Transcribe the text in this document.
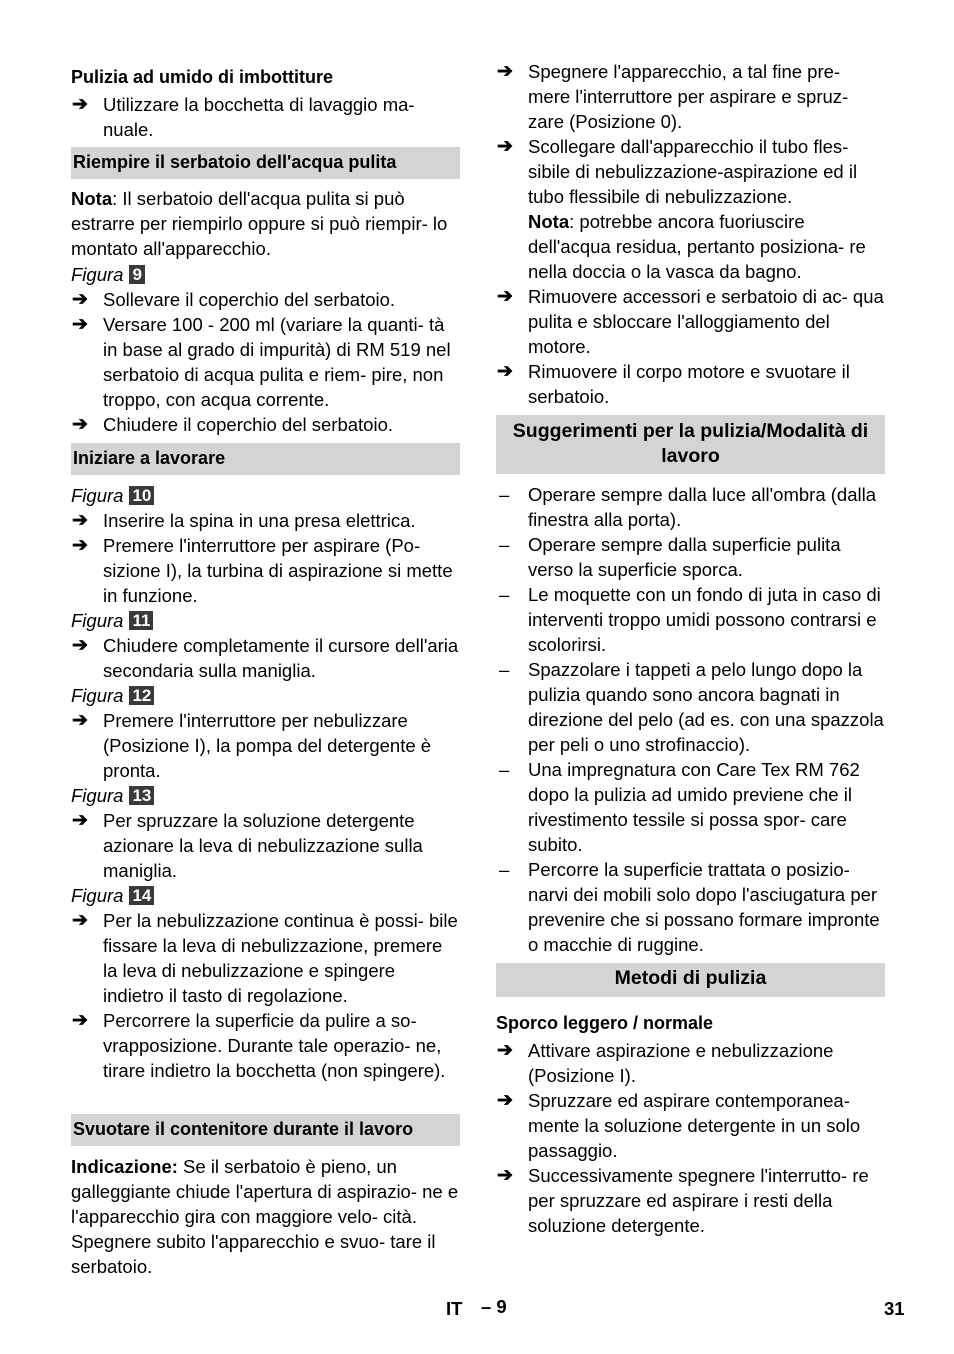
Pulizia ad umido di imbottiture
➔ Utilizzare la bocchetta di lavaggio ma- nuale.
Riempire il serbatoio dell'acqua pulita
Nota: Il serbatoio dell'acqua pulita si può estrarre per riempirlo oppure si può riempir- lo montato all'apparecchio.
Figura 9
➔ Sollevare il coperchio del serbatoio.
➔ Versare 100 - 200 ml (variare la quanti- tà in base al grado di impurità) di RM 519 nel serbatoio di acqua pulita e riem- pire, non troppo, con acqua corrente.
➔ Chiudere il coperchio del serbatoio.
Iniziare a lavorare
Figura 10
➔ Inserire la spina in una presa elettrica.
➔ Premere l'interruttore per aspirare (Po- sizione I), la turbina di aspirazione si mette in funzione.
Figura 11
➔ Chiudere completamente il cursore dell'aria secondaria sulla maniglia.
Figura 12
➔ Premere l'interruttore per nebulizzare (Posizione I), la pompa del detergente è pronta.
Figura 13
➔ Per spruzzare la soluzione detergente azionare la leva di nebulizzazione sulla maniglia.
Figura 14
➔ Per la nebulizzazione continua è possi- bile fissare la leva di nebulizzazione, premere la leva di nebulizzazione e spingere indietro il tasto di regolazione.
➔ Percorrere la superficie da pulire a so- vrapposizione. Durante tale operazio- ne, tirare indietro la bocchetta (non spingere).
Svuotare il contenitore durante il lavoro
Indicazione: Se il serbatoio è pieno, un galleggiante chiude l'apertura di aspirazio- ne e l'apparecchio gira con maggiore velo- cità. Spegnere subito l'apparecchio e svuo- tare il serbatoio.
➔ Spegnere l'apparecchio, a tal fine pre- mere l'interruttore per aspirare e spruz- zare (Posizione 0).
➔ Scollegare dall'apparecchio il tubo fles- sibile di nebulizzazione-aspirazione ed il tubo flessibile di nebulizzazione.
Nota: potrebbe ancora fuoriuscire dell'acqua residua, pertanto posiziona- re nella doccia o la vasca da bagno.
➔ Rimuovere accessori e serbatoio di ac- qua pulita e sbloccare l'alloggiamento del motore.
➔ Rimuovere il corpo motore e svuotare il serbatoio.
Suggerimenti per la pulizia/Modalità di lavoro
–	Operare sempre dalla luce all'ombra (dalla finestra alla porta).
–	Operare sempre dalla superficie pulita verso la superficie sporca.
–	Le moquette con un fondo di juta in caso di interventi troppo umidi possono contrarsi e scolorirsi.
–	Spazzolare i tappeti a pelo lungo dopo la pulizia quando sono ancora bagnati in direzione del pelo (ad es. con una spazzola per peli o uno strofinaccio).
–	Una impregnatura con Care Tex RM 762 dopo la pulizia ad umido previene che il rivestimento tessile si possa spor- care subito.
–	Percorre la superficie trattata o posizio- narvi dei mobili solo dopo l'asciugatura per prevenire che si possano formare impronte o macchie di ruggine.
Metodi di pulizia
Sporco leggero / normale
➔ Attivare aspirazione e nebulizzazione (Posizione I).
➔ Spruzzare ed aspirare contemporanea- mente la soluzione detergente in un solo passaggio.
➔ Successivamente spegnere l'interrutto- re per spruzzare ed aspirare i resti della soluzione detergente.
IT – 9	31
